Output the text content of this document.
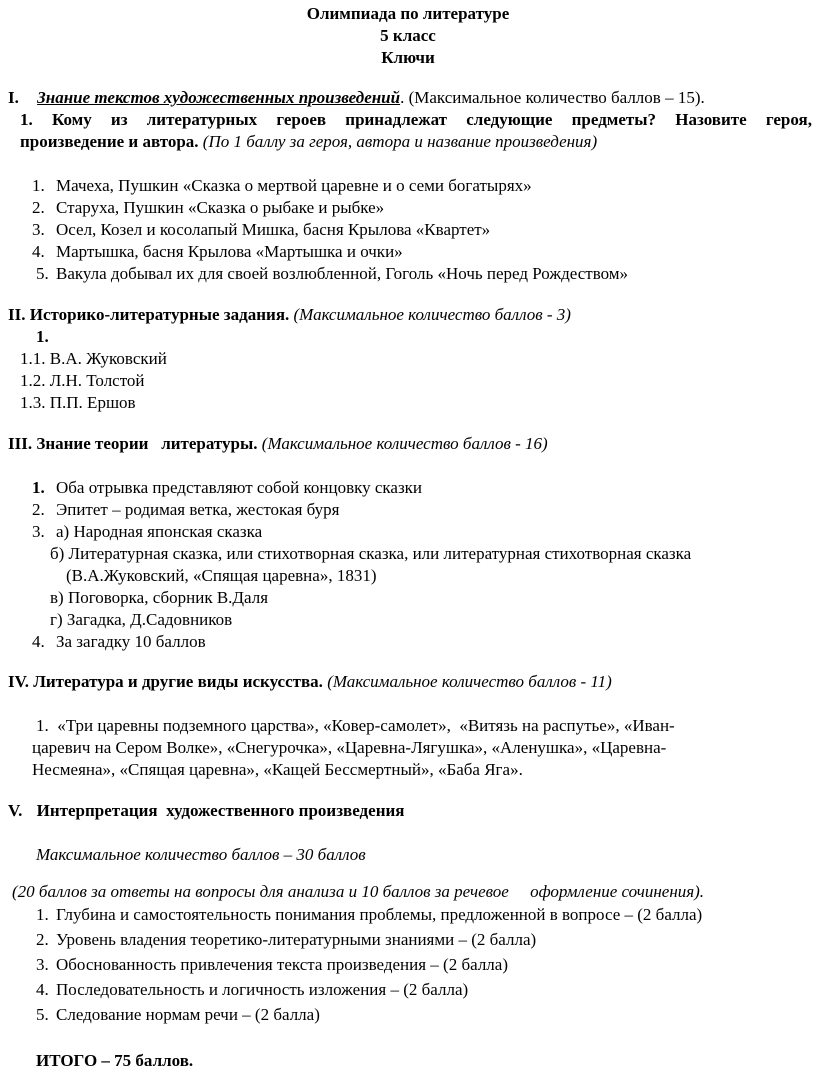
Олимпиада по литературе
5 класс
Ключи
I. Знание текстов художественных произведений. (Максимальное количество баллов – 15).
1. Кому из литературных героев принадлежат следующие предметы? Назовите героя,
произведение и автора. (По 1 баллу за героя, автора и название произведения)
1. Мачеха, Пушкин «Сказка о мертвой царевне и о семи богатырях»
2. Старуха, Пушкин «Сказка о рыбаке и рыбке»
3. Осел, Козел и косолапый Мишка, басня Крылова «Квартет»
4. Мартышка, басня Крылова «Мартышка и очки»
5. Вакула добывал их для своей возлюбленной, Гоголь «Ночь перед Рождеством»
II. Историко-литературные задания. (Максимальное количество баллов - 3)
1.
1.1. В.А. Жуковский
1.2. Л.Н. Толстой
1.3. П.П. Ершов
III. Знание теории   литературы. (Максимальное количество баллов - 16)
1. Оба отрывка представляют собой концовку сказки
2. Эпитет – родимая ветка, жестокая буря
3. а) Народная японская сказка
б) Литературная сказка, или стихотворная сказка, или литературная стихотворная сказка
(В.А.Жуковский, «Спящая царевна», 1831)
в) Поговорка, сборник В.Даля
г) Загадка, Д.Садовников
4. За загадку 10 баллов
IV. Литература и другие виды искусства. (Максимальное количество баллов - 11)
1.  «Три царевны подземного царства», «Ковер-самолет»,  «Витязь на распутье», «Иван-
царевич на Сером Волке», «Снегурочка», «Царевна-Лягушка», «Аленушка», «Царевна-
Несмеяна», «Спящая царевна», «Кащей Бессмертный», «Баба Яга».
V. Интерпретация  художественного произведения
Максимальное количество баллов – 30 баллов
(20 баллов за ответы на вопросы для анализа и 10 баллов за речевое     оформление сочинения).
1. Глубина и самостоятельность понимания проблемы, предложенной в вопросе – (2 балла)
2. Уровень владения теоретико-литературными знаниями – (2 балла)
3. Обоснованность привлечения текста произведения – (2 балла)
4. Последовательность и логичность изложения – (2 балла)
5. Следование нормам речи – (2 балла)
ИТОГО – 75 баллов.
